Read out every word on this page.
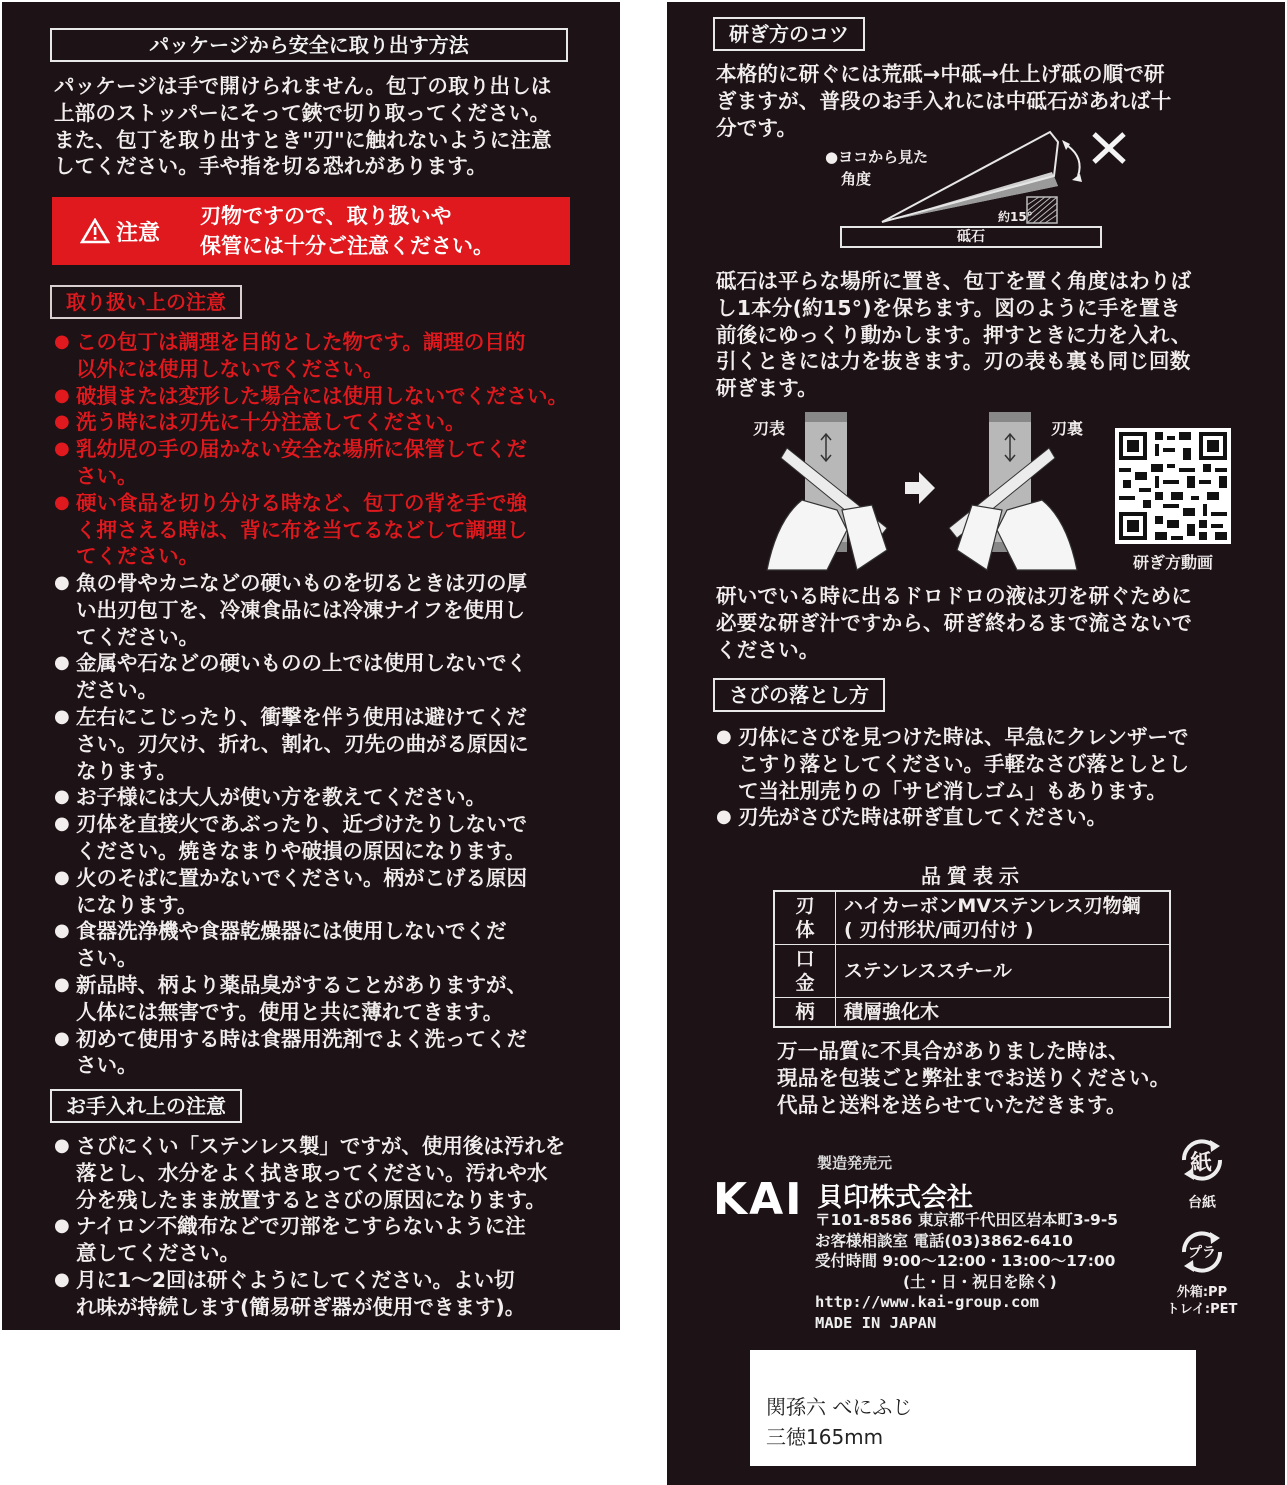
パッケージから安全に取り出す方法

パッケージは手で開けられません。包丁の取り出しは

上部のストッパーにそって鋏で切り取ってください。

また、包丁を取り出すとき"刃"に触れないように注意

してください。手や指を切る恐れがあります。

注意
刃物ですので、取り扱いや
保管には十分ご注意ください。
取り扱い上の注意
● この包丁は調理を目的とした物です。調理の目的
以外には使用しないでください。
● 破損または変形した場合には使用しないでください。
● 洗う時には刃先に十分注意してください。
● 乳幼児の手の届かない安全な場所に保管してくだ
さい。
● 硬い食品を切り分ける時など、包丁の背を手で強
く押さえる時は、背に布を当てるなどして調理し
てください。
● 魚の骨やカニなどの硬いものを切るときは刃の厚
い出刃包丁を、冷凍食品には冷凍ナイフを使用し
てください。
● 金属や石などの硬いものの上では使用しないでく
ださい。
● 左右にこじったり、衝撃を伴う使用は避けてくだ
さい。刃欠け、折れ、割れ、刃先の曲がる原因に
なります。
● お子様には大人が使い方を教えてください。
● 刃体を直接火であぶったり、近づけたりしないで
ください。焼きなまりや破損の原因になります。
● 火のそばに置かないでください。柄がこげる原因
になります。
● 食器洗浄機や食器乾燥器には使用しないでくだ
さい。
● 新品時、柄より薬品臭がすることがありますが、
人体には無害です。使用と共に薄れてきます。
● 初めて使用する時は食器用洗剤でよく洗ってくだ
さい。
お手入れ上の注意
● さびにくい「ステンレス製」ですが、使用後は汚れを
落とし、水分をよく拭き取ってください。汚れや水
分を残したまま放置するとさびの原因になります。
● ナイロン不織布などで刃部をこすらないように注
意してください。
● 月に1〜2回は研ぐようにしてください。よい切
れ味が持続します(簡易研ぎ器が使用できます)。
研ぎ方のコツ

本格的に研ぐには荒砥→中砥→仕上げ砥の順で研

ぎますが、普段のお手入れには中砥石があれば十

分です。

●ヨコから見た
角度
約15°
砥石

砥石は平らな場所に置き、包丁を置く角度はわりば

し1本分(約15°)を保ちます。図のように手を置き

前後にゆっくり動かします。押すときに力を入れ、

引くときには力を抜きます。刃の表も裏も同じ回数

研ぎます。

刃表	刃裏
研ぎ方動画

研いでいる時に出るドロドロの液は刃を研ぐために

必要な研ぎ汁ですから、研ぎ終わるまで流さないで

ください。

さびの落とし方
● 刃体にさびを見つけた時は、早急にクレンザーで
こすり落としてください。手軽なさび落としとし
て当社別売りの「サビ消しゴム」もあります。
● 刃先がさびた時は研ぎ直してください。
品質表示
刃 体	ハイカーボンMVステンレス刃物鋼
( 刃付形状/両刃付け )

口 金	ステンレススチール
柄	積層強化木

万一品質に不具合がありました時は、

現品を包装ごと弊社までお送りください。

代品と送料を送らせていただきます。

製造発売元
KAI 貝印株式会社
〒101-8586 東京都千代田区岩本町3-9-5
お客様相談室 電話(03)3862-6410
受付時間 9:00〜12:00・13:00〜17:00
(土・日・祝日を除く)
http://www.kai-group.com
MADE IN JAPAN
紙
台紙
プラ
外箱:PP
トレイ:PET
関孫六 べにふじ
三徳165mm
